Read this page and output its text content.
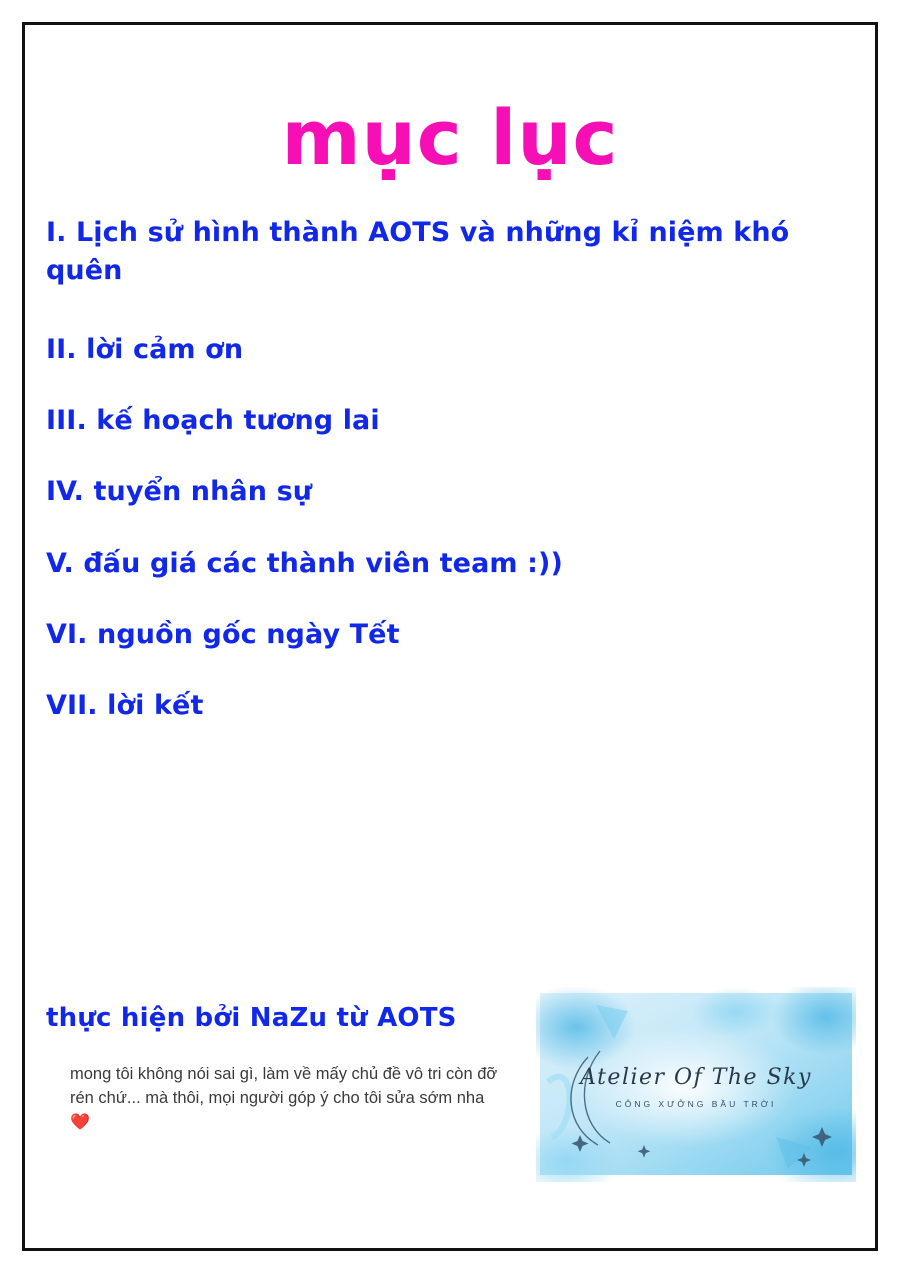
mục lục
I. Lịch sử hình thành AOTS và những kỉ niệm khó quên
II. lời cảm ơn
III. kế hoạch tương lai
IV. tuyển nhân sự
V. đấu giá các thành viên team :))
VI. nguồn gốc ngày Tết
VII. lời kết
thực hiện bởi NaZu từ AOTS
mong tôi không nói sai gì, làm về mấy chủ đề vô tri còn đỡ rén chứ... mà thôi, mọi người góp ý cho tôi sửa sớm nha ❤️
Atelier Of The Sky
CÔNG XƯỞNG BẦU TRỜI
